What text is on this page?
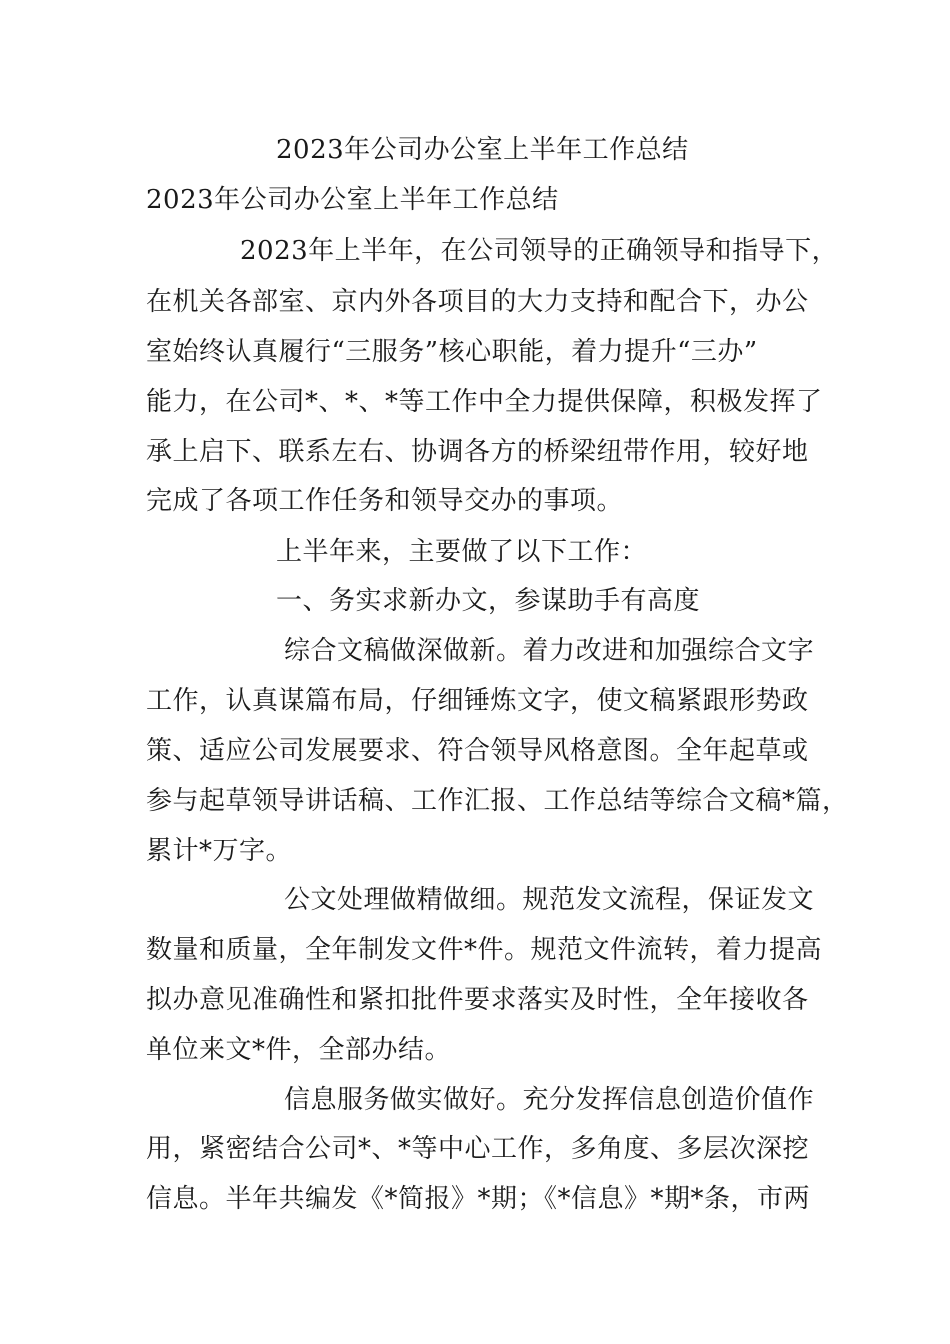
2023年公司办公室上半年工作总结
2023年公司办公室上半年工作总结
2023年上半年，在公司领导的正确领导和指导下，
在机关各部室、京内外各项目的大力支持和配合下，办公
室始终认真履行“三服务”核心职能，着力提升“三办”
能力，在公司*、*、*等工作中全力提供保障，积极发挥了
承上启下、联系左右、协调各方的桥梁纽带作用，较好地
完成了各项工作任务和领导交办的事项。
上半年来，主要做了以下工作：
一、务实求新办文，参谋助手有高度
综合文稿做深做新。着力改进和加强综合文字
工作，认真谋篇布局，仔细锤炼文字，使文稿紧跟形势政
策、适应公司发展要求、符合领导风格意图。全年起草或
参与起草领导讲话稿、工作汇报、工作总结等综合文稿*篇，
累计*万字。
公文处理做精做细。规范发文流程，保证发文
数量和质量，全年制发文件*件。规范文件流转，着力提高
拟办意见准确性和紧扣批件要求落实及时性，全年接收各
单位来文*件，全部办结。
信息服务做实做好。充分发挥信息创造价值作
用，紧密结合公司*、*等中心工作，多角度、多层次深挖
信息。半年共编发《*简报》*期；《*信息》*期*条，市两
